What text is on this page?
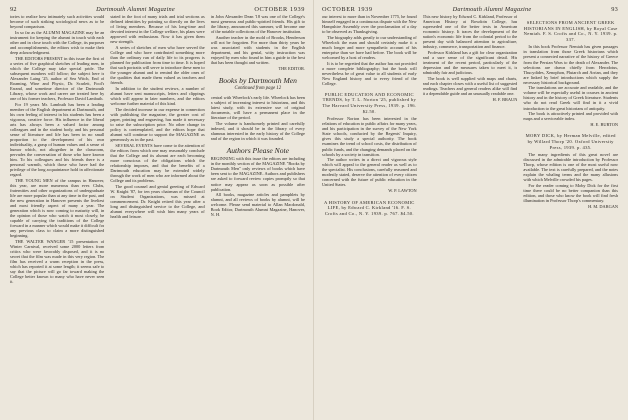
92	Dartmouth Alumni Magazine	OCTOBER 1939

tories to realize how intimately such activities would become of such striking sociological news as to be beyond comparison.

In so far as the ALUMNI MAGAZINE may be an instrument for keeping the alumni in touch with each other and in close touch with the College, its purposes and accomplishments, the editors wish to make their deep acknowledgment.

THE EDITORS PRESENT in this issue the first of a series of five graphical sketches of leading men, in which the College may take special pride. The subsequent numbers will follow; the subject here is Alexander Laing '25, author of Sea Witch, End of Roaming, Wine and Physic, Dr. Scarlett, Fool's Errand, and sometime director of the Dartmouth Library, whose work and career are treated here by one of his former teachers, Professor David Lambuth.

For 19 years Mr. Lambuth has been a leading member of the English department at Dartmouth, and his own feeling of interest in his students has been a vigorous, creative force. His influence in the liberal arts has always been a valued factor among colleagues and in the student body, and his personal sense of literature and life has been in no small proportion to the development of his own individuality, a grasp of human values and a sense of humor which, not altogether in the classroom, pervades the conversation of those who have known him. To his colleagues and his friends there is a personal warmth, which those who have had the privilege of the long acquaintance hold in affectionate regard.

THE YOUNG MEN of the campus in Hanover, this year, are more numerous than ever. Clubs, fraternities and other organizations of undergraduate life are more popular than at any time in the past, and the new generation in Hanover presents the liveliest and most friendly aspect of many a year. The generation which is now coming to maturity will, in the opinion of those who watch it most closely, be capable of carrying the traditions of the College forward in a manner which would make it difficult for any previous class to claim a more distinguished beginning.

THE WALTER WANGER '15 presentation of Winter Carnival, received some 2000 letters from critics who were favorably disposed, and it is no secret that the film was made in this very region. The film has received a warm reception in the press, which has reported it at some length; it seems safe to say that the picture will go far toward making the College better known to many who have never seen it.

stated in the foot of many trials and trial sections as defined identities by pointing so directly on the lives of living members. Because of his long-time and devoted interest in the College welfare, his plans were approved with enthusiasm. Now it has given them new strength.

A series of sketches of men who have served the College and who have contributed something more than the ordinary run of daily life to its progress is planned for publication from time to time. It is hoped that such portraits will serve to introduce these men to the younger alumni and to remind the older ones of the qualities that made them valued as teachers and friends.

In addition to the student reviews, a number of alumni have sent manuscripts, letters and clippings which will appear in later numbers, and the editors welcome further material of this kind.

The decided increase in our expense in connection with publishing the magazine, the greater cost of paper, printing and engraving, has made it necessary to raise the subscription price. No other change in policy is contemplated, and the editors hope that alumni will continue to support the MAGAZINE as generously as in the past.

SEVERAL EVENTS have come to the attention of the editors from which one may reasonably conclude that the College and its alumni are each becoming more conscious of the obligations which the relationship imposes, and that the benefits of a Dartmouth education may be extended widely through the work of men who are informed about the College and its problems.

The good counsel and genial greeting of Edward W. Knight '87, for ten years chairman of the Council on Student Organizations, was missed at commencement. Dr. Knight retired this year after a long and distinguished service to the College, and alumni everywhere will wish him many years of health and leisure.

in John Alexander Dean '18 was one of the College's most generous and public-spirited friends. His gift to the library, announced this summer, will become one of the notable collections of the Hanover institution.

Another teacher in the mold of Brooks, Henderson will not be forgotten. For more than thirty years he was associated with students in the English department, and his genial, witty instruction was enjoyed by men who found in him a guide to the best that has been thought and written.

THE EDITOR.
Books by Dartmouth Men
Continued from page 12

central with Wheelock's early life. Wheelock has been a subject of increasing interest to historians, and this latest study, with its extensive use of original documents, will have a permanent place in the literature of the period.

The volume is handsomely printed and carefully indexed, and it should be in the library of every alumnus interested in the early history of the College and of the region in which it was founded.

Authors Please Note

BEGINNING with this issue the editors are including in the monthly section of the MAGAZINE "Books by Dartmouth Men" only reviews of books which have been sent to the MAGAZINE. Authors and publishers are asked to forward review copies promptly so that notice may appear as soon as possible after publication.

All books, magazine articles and pamphlets by alumni, and all reviews of books by alumni, will be welcome. Please send material to Allan Macdonald, Book Editor, Dartmouth Alumni Magazine, Hanover, N. H.

OCTOBER 1939	Dartmouth Alumni Magazine	93

our interest to more than in November 1775, he found himself engaged in a continuous dispute with the New Hampshire Assembly over the proclamation of a day to be observed as Thanksgiving.

The biography adds greatly to our understanding of Wheelock the man and should certainly make it a much longer and more sympathetic account of his enterprise than we have had before. The book will be welcomed by a host of readers.

It is to be regretted that the author has not provided a more complete bibliography; but the book will nevertheless be of great value to all students of early New England history and to every friend of the College.

PUBLIC EDUCATION AND ECONOMIC TRENDS, by T. L. Norton '25, published by The Harvard University Press, 1939. p. 196. $2.50.

Professor Norton has been interested in the relations of education to public affairs for many years, and his participation in the survey of the New York State schools, conducted by the Regents' Inquiry, gives this study a special authority. The book examines the trend of school costs, the distribution of public funds, and the changing demands placed on the schools by a society in transition.

The author writes in a direct and vigorous style which will appeal to the general reader as well as to the specialist. His conclusions, carefully reasoned and modestly stated, deserve the attention of every citizen concerned with the future of public education in the United States.

W. P. LAWTON
A HISTORY OF AMERICAN ECONOMIC LIFE, by Edward C. Kirkland '16. F. S. Crofts and Co., N. Y. 1939. p. 767. $4.50.

This new history by Edward C. Kirkland, Professor of American History at Bowdoin College, has superseded one of the better texts in American economic history. It traces the development of the nation's economic life from the colonial period to the present day with balanced attention to agriculture, industry, commerce, transportation and finance.

Professor Kirkland has a gift for clear organization and a sure sense of the significant detail. His treatment of the recent period, particularly of the depression and the measures taken to meet it, is admirably fair and judicious.

The book is well supplied with maps and charts, and each chapter closes with a useful list of suggested readings. Teachers and general readers alike will find it a dependable guide and an unusually readable one.

H. F. BRAUN
SELECTIONS FROM ANCIENT GREEK HISTORIANS IN ENGLISH, by Royal Case Nemiah. F. S. Crofts and Co., N. Y. 1939. p. 337.

In this book Professor Nemiah has given passages in translation from those Greek historians which present a connected narrative of the history of Greece from the Persian Wars to the death of Alexander. The selections are drawn chiefly from Herodotus, Thucydides, Xenophon, Plutarch and Arrian, and they are linked by brief introductions which supply the necessary historical background.

The translations are accurate and readable, and the volume will be especially useful in courses in ancient history and in the history of Greek literature. Students who do not read Greek will find in it a vivid introduction to the great historians of antiquity.

The book is attractively printed and provided with maps and a serviceable index.

H. E. BURTON
MOBY DICK, by Herman Melville, edited by Willard Thorp '20. Oxford University Press, 1939. p. 435.

The many ingredients of this great novel are discussed in the admirable introduction by Professor Thorp, whose edition is one of the most useful now available. The text is carefully prepared, and the notes explain the whaling terms and the many allusions with which Melville crowded his pages.

For the reader coming to Moby Dick for the first time there could be no better companion than this edition, and those who know the book will find fresh illumination in Professor Thorp's commentary.

H. M. DARGAN
